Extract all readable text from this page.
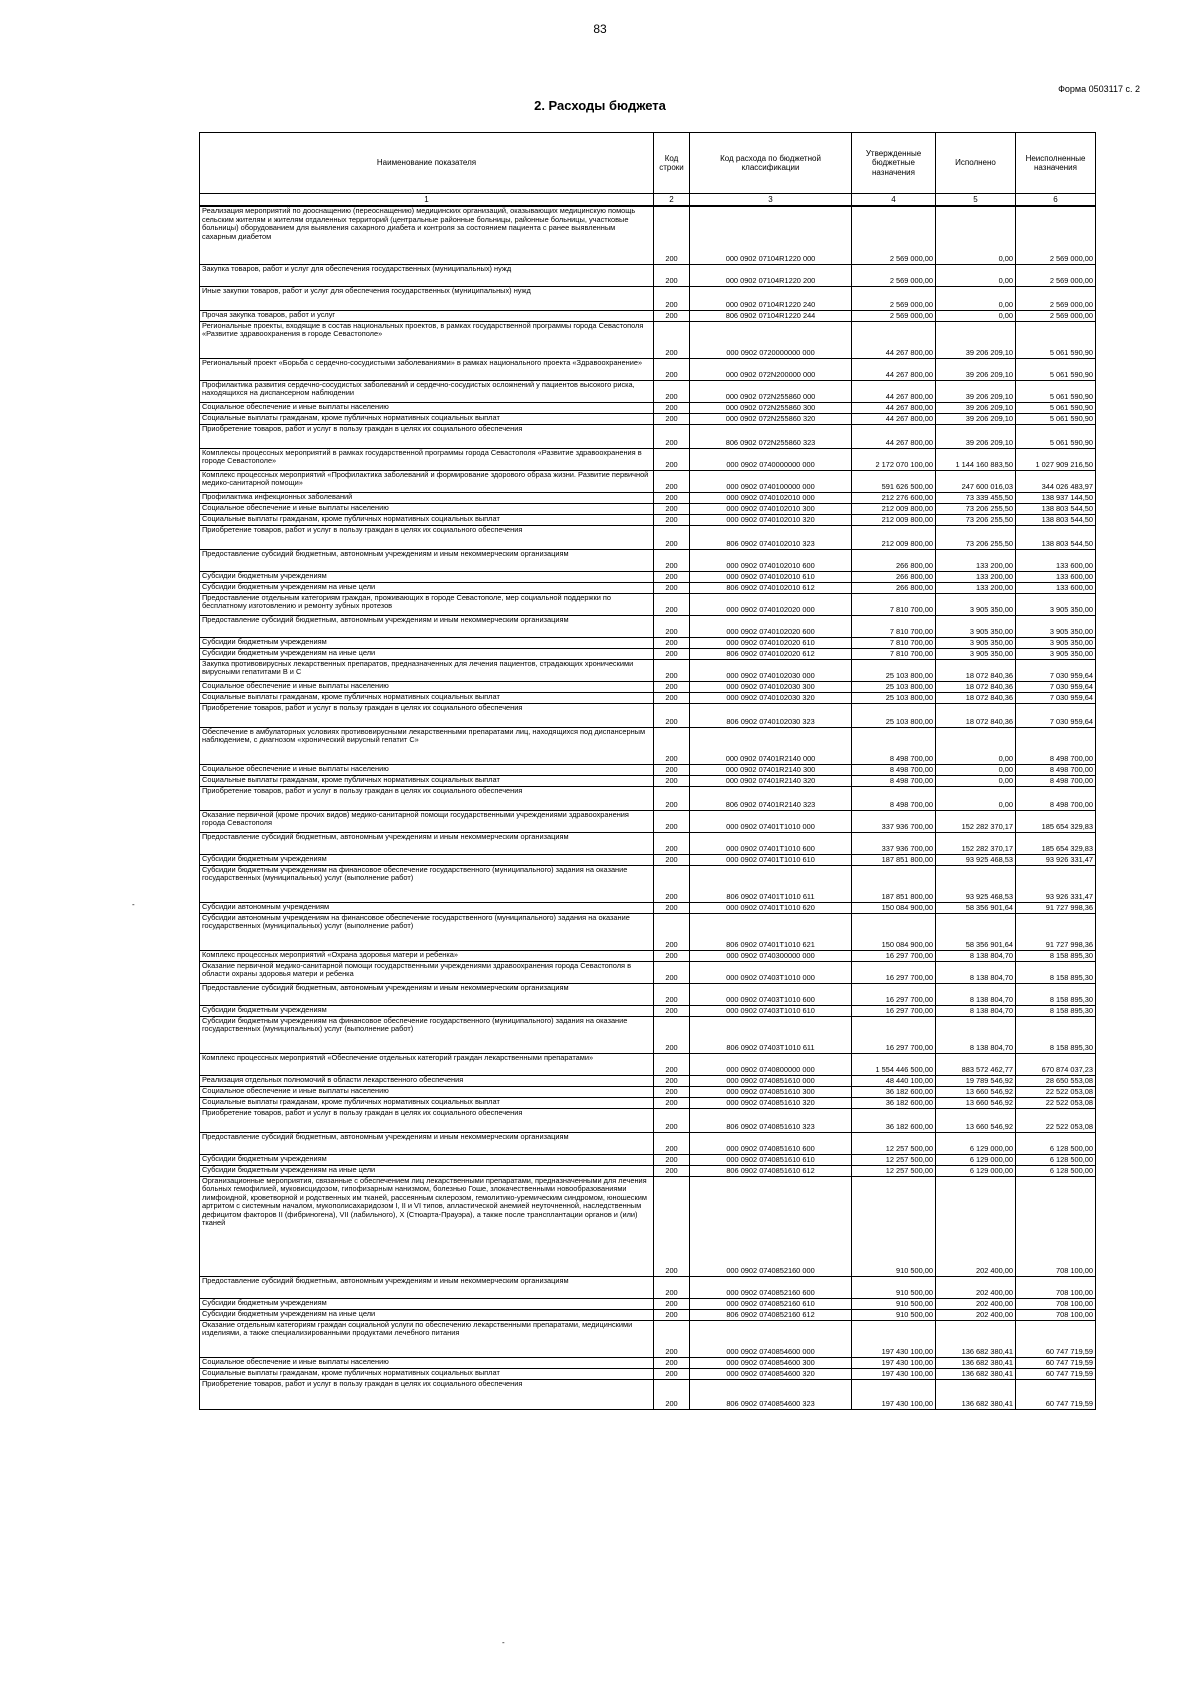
83
Форма 0503117 с. 2
2. Расходы бюджета
Наименование показателя	Код строки	Код расхода по бюджетной классификации	Утвержденные бюджетные назначения	Исполнено	Неисполненные назначения
1	2	3	4	5	6
Реализация мероприятий по дооснащению (переоснащению) медицинских организаций, оказывающих медицинскую помощь сельским жителям и жителям отдаленных территорий (центральные районные больницы, районные больницы, участковые больницы) оборудованием для выявления сахарного диабета и контроля за состоянием пациента с ранее выявленным сахарным диабетом	200	000 0902 07104R1220 000	2 569 000,00	0,00	2 569 000,00
Закупка товаров, работ и услуг для обеспечения государственных (муниципальных) нужд	200	000 0902 07104R1220 200	2 569 000,00	0,00	2 569 000,00
Иные закупки товаров, работ и услуг для обеспечения государственных (муниципальных) нужд	200	000 0902 07104R1220 240	2 569 000,00	0,00	2 569 000,00
Прочая закупка товаров, работ и услуг	200	806 0902 07104R1220 244	2 569 000,00	0,00	2 569 000,00
Региональные проекты, входящие в состав национальных проектов, в рамках государственной программы города Севастополя «Развитие здравоохранения в городе Севастополе»	200	000 0902 0720000000 000	44 267 800,00	39 206 209,10	5 061 590,90
Региональный проект «Борьба с сердечно-сосудистыми заболеваниями» в рамках национального проекта «Здравоохранение»	200	000 0902 072N200000 000	44 267 800,00	39 206 209,10	5 061 590,90
Профилактика развития сердечно-сосудистых заболеваний и сердечно-сосудистых осложнений у пациентов высокого риска, находящихся на диспансерном наблюдении	200	000 0902 072N255860 000	44 267 800,00	39 206 209,10	5 061 590,90
Социальное обеспечение и иные выплаты населению	200	000 0902 072N255860 300	44 267 800,00	39 206 209,10	5 061 590,90
Социальные выплаты гражданам, кроме публичных нормативных социальных выплат	200	000 0902 072N255860 320	44 267 800,00	39 206 209,10	5 061 590,90
Приобретение товаров, работ и услуг в пользу граждан в целях их социального обеспечения	200	806 0902 072N255860 323	44 267 800,00	39 206 209,10	5 061 590,90
Комплексы процессных мероприятий в рамках государственной программы города Севастополя «Развитие здравоохранения в городе Севастополе»	200	000 0902 0740000000 000	2 172 070 100,00	1 144 160 883,50	1 027 909 216,50
Комплекс процессных мероприятий «Профилактика заболеваний и формирование здорового образа жизни. Развитие первичной медико-санитарной помощи»	200	000 0902 0740100000 000	591 626 500,00	247 600 016,03	344 026 483,97
Профилактика инфекционных заболеваний	200	000 0902 0740102010 000	212 276 600,00	73 339 455,50	138 937 144,50
Социальное обеспечение и иные выплаты населению	200	000 0902 0740102010 300	212 009 800,00	73 206 255,50	138 803 544,50
Социальные выплаты гражданам, кроме публичных нормативных социальных выплат	200	000 0902 0740102010 320	212 009 800,00	73 206 255,50	138 803 544,50
Приобретение товаров, работ и услуг в пользу граждан в целях их социального обеспечения	200	806 0902 0740102010 323	212 009 800,00	73 206 255,50	138 803 544,50
Предоставление субсидий бюджетным, автономным учреждениям и иным некоммерческим организациям	200	000 0902 0740102010 600	266 800,00	133 200,00	133 600,00
Субсидии бюджетным учреждениям	200	000 0902 0740102010 610	266 800,00	133 200,00	133 600,00
Субсидии бюджетным учреждениям на иные цели	200	806 0902 0740102010 612	266 800,00	133 200,00	133 600,00
Предоставление отдельным категориям граждан, проживающих в городе Севастополе, мер социальной поддержки по бесплатному изготовлению и ремонту зубных протезов	200	000 0902 0740102020 000	7 810 700,00	3 905 350,00	3 905 350,00
Предоставление субсидий бюджетным, автономным учреждениям и иным некоммерческим организациям	200	000 0902 0740102020 600	7 810 700,00	3 905 350,00	3 905 350,00
Субсидии бюджетным учреждениям	200	000 0902 0740102020 610	7 810 700,00	3 905 350,00	3 905 350,00
Субсидии бюджетным учреждениям на иные цели	200	806 0902 0740102020 612	7 810 700,00	3 905 350,00	3 905 350,00
Закупка противовирусных лекарственных препаратов, предназначенных для лечения пациентов, страдающих хроническими вирусными гепатитами В и С	200	000 0902 0740102030 000	25 103 800,00	18 072 840,36	7 030 959,64
Социальное обеспечение и иные выплаты населению	200	000 0902 0740102030 300	25 103 800,00	18 072 840,36	7 030 959,64
Социальные выплаты гражданам, кроме публичных нормативных социальных выплат	200	000 0902 0740102030 320	25 103 800,00	18 072 840,36	7 030 959,64
Приобретение товаров, работ и услуг в пользу граждан в целях их социального обеспечения	200	806 0902 0740102030 323	25 103 800,00	18 072 840,36	7 030 959,64
Обеспечение в амбулаторных условиях противовирусными лекарственными препаратами лиц, находящихся под диспансерным наблюдением, с диагнозом «хронический вирусный гепатит С»	200	000 0902 07401R2140 000	8 498 700,00	0,00	8 498 700,00
Социальное обеспечение и иные выплаты населению	200	000 0902 07401R2140 300	8 498 700,00	0,00	8 498 700,00
Социальные выплаты гражданам, кроме публичных нормативных социальных выплат	200	000 0902 07401R2140 320	8 498 700,00	0,00	8 498 700,00
Приобретение товаров, работ и услуг в пользу граждан в целях их социального обеспечения	200	806 0902 07401R2140 323	8 498 700,00	0,00	8 498 700,00
Оказание первичной (кроме прочих видов) медико-санитарной помощи государственными учреждениями здравоохранения города Севастополя	200	000 0902 07401T1010 000	337 936 700,00	152 282 370,17	185 654 329,83
Предоставление субсидий бюджетным, автономным учреждениям и иным некоммерческим организациям	200	000 0902 07401T1010 600	337 936 700,00	152 282 370,17	185 654 329,83
Субсидии бюджетным учреждениям	200	000 0902 07401T1010 610	187 851 800,00	93 925 468,53	93 926 331,47
Субсидии бюджетным учреждениям на финансовое обеспечение государственного (муниципального) задания на оказание государственных (муниципальных) услуг (выполнение работ)	200	806 0902 07401T1010 611	187 851 800,00	93 925 468,53	93 926 331,47
Субсидии автономным учреждениям	200	000 0902 07401T1010 620	150 084 900,00	58 356 901,64	91 727 998,36
Субсидии автономным учреждениям на финансовое обеспечение государственного (муниципального) задания на оказание государственных (муниципальных) услуг (выполнение работ)	200	806 0902 07401T1010 621	150 084 900,00	58 356 901,64	91 727 998,36
Комплекс процессных мероприятий «Охрана здоровья матери и ребенка»	200	000 0902 0740300000 000	16 297 700,00	8 138 804,70	8 158 895,30
Оказание первичной медико-санитарной помощи государственными учреждениями здравоохранения города Севастополя в области охраны здоровья матери и ребенка	200	000 0902 07403T1010 000	16 297 700,00	8 138 804,70	8 158 895,30
Предоставление субсидий бюджетным, автономным учреждениям и иным некоммерческим организациям	200	000 0902 07403T1010 600	16 297 700,00	8 138 804,70	8 158 895,30
Субсидии бюджетным учреждениям	200	000 0902 07403T1010 610	16 297 700,00	8 138 804,70	8 158 895,30
Субсидии бюджетным учреждениям на финансовое обеспечение государственного (муниципального) задания на оказание государственных (муниципальных) услуг (выполнение работ)	200	806 0902 07403T1010 611	16 297 700,00	8 138 804,70	8 158 895,30
Комплекс процессных мероприятий «Обеспечение отдельных категорий граждан лекарственными препаратами»	200	000 0902 0740800000 000	1 554 446 500,00	883 572 462,77	670 874 037,23
Реализация отдельных полномочий в области лекарственного обеспечения	200	000 0902 0740851610 000	48 440 100,00	19 789 546,92	28 650 553,08
Социальное обеспечение и иные выплаты населению	200	000 0902 0740851610 300	36 182 600,00	13 660 546,92	22 522 053,08
Социальные выплаты гражданам, кроме публичных нормативных социальных выплат	200	000 0902 0740851610 320	36 182 600,00	13 660 546,92	22 522 053,08
Приобретение товаров, работ и услуг в пользу граждан в целях их социального обеспечения	200	806 0902 0740851610 323	36 182 600,00	13 660 546,92	22 522 053,08
Предоставление субсидий бюджетным, автономным учреждениям и иным некоммерческим организациям	200	000 0902 0740851610 600	12 257 500,00	6 129 000,00	6 128 500,00
Субсидии бюджетным учреждениям	200	000 0902 0740851610 610	12 257 500,00	6 129 000,00	6 128 500,00
Субсидии бюджетным учреждениям на иные цели	200	806 0902 0740851610 612	12 257 500,00	6 129 000,00	6 128 500,00
Организационные мероприятия, связанные с обеспечением лиц лекарственными препаратами, предназначенными для лечения больных гемофилией, муковисцидозом, гипофизарным нанизмом, болезнью Гоше, злокачественными новообразованиями лимфоидной, кроветворной и родственных им тканей, рассеянным склерозом, гемолитико-уремическим синдромом, юношеским артритом с системным началом, мукополисахаридозом I, II и VI типов, апластической анемией неуточненной, наследственным дефицитом факторов II (фибриногена), VII (лабильного), X (Стюарта-Прауэра), а также после трансплантации органов и (или) тканей	200	000 0902 0740852160 000	910 500,00	202 400,00	708 100,00
Предоставление субсидий бюджетным, автономным учреждениям и иным некоммерческим организациям	200	000 0902 0740852160 600	910 500,00	202 400,00	708 100,00
Субсидии бюджетным учреждениям	200	000 0902 0740852160 610	910 500,00	202 400,00	708 100,00
Субсидии бюджетным учреждениям на иные цели	200	806 0902 0740852160 612	910 500,00	202 400,00	708 100,00
Оказание отдельным категориям граждан социальной услуги по обеспечению лекарственными препаратами, медицинскими изделиями, а также специализированными продуктами лечебного питания	200	000 0902 0740854600 000	197 430 100,00	136 682 380,41	60 747 719,59
Социальное обеспечение и иные выплаты населению	200	000 0902 0740854600 300	197 430 100,00	136 682 380,41	60 747 719,59
Социальные выплаты гражданам, кроме публичных нормативных социальных выплат	200	000 0902 0740854600 320	197 430 100,00	136 682 380,41	60 747 719,59
Приобретение товаров, работ и услуг в пользу граждан в целях их социального обеспечения	200	806 0902 0740854600 323	197 430 100,00	136 682 380,41	60 747 719,59
-
-
